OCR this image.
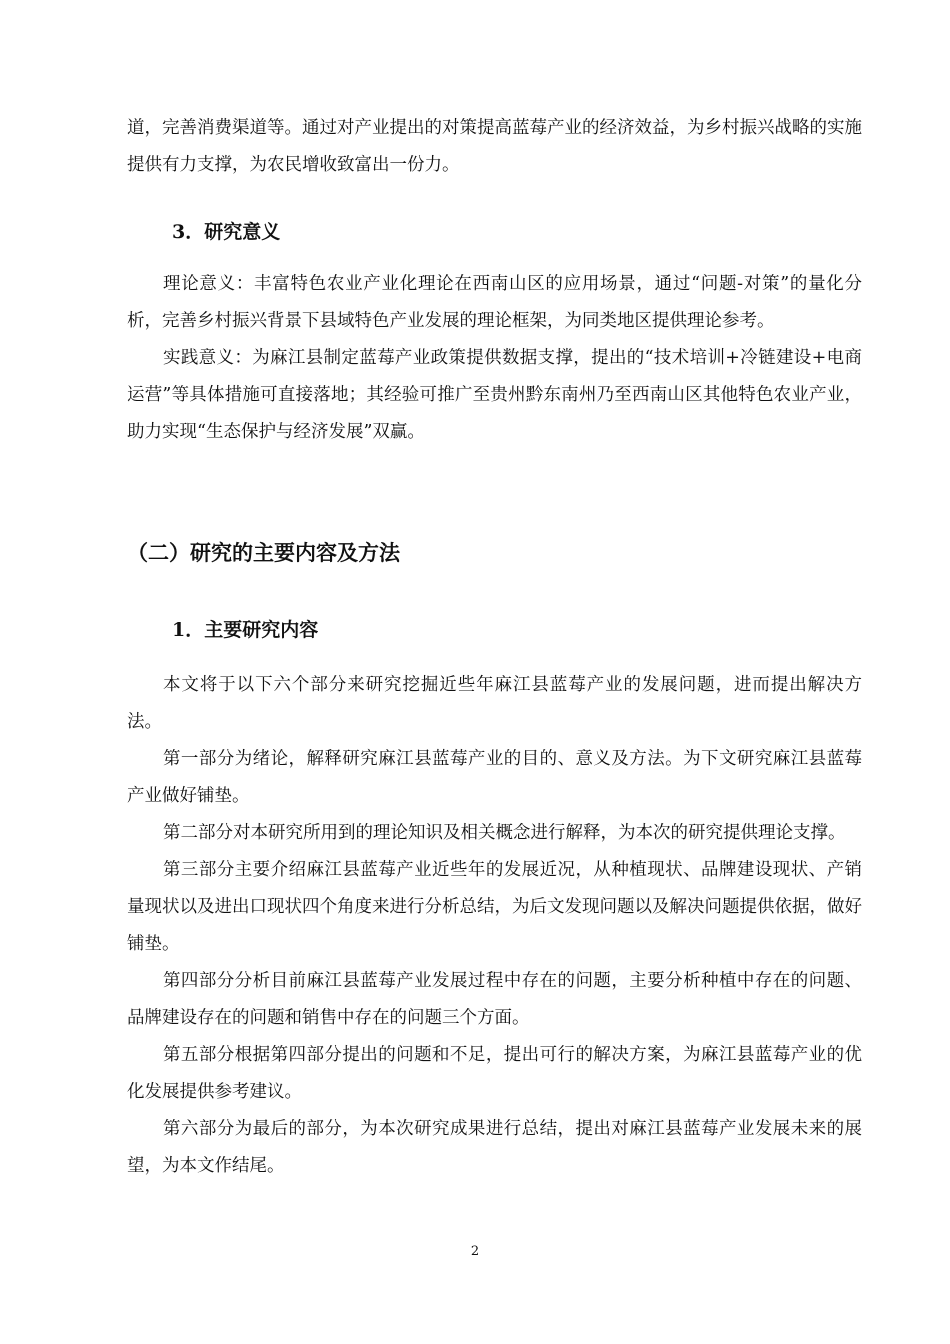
道，完善消费渠道等。通过对产业提出的对策提高蓝莓产业的经济效益，为乡村振兴战略的实施提供有力支撑，为农民增收致富出一份力。

3．研究意义

理论意义：丰富特色农业产业化理论在西南山区的应用场景，通过“问题-对策”的量化分析，完善乡村振兴背景下县域特色产业发展的理论框架，为同类地区提供理论参考。

实践意义：为麻江县制定蓝莓产业政策提供数据支撑，提出的“技术培训+冷链建设+电商运营”等具体措施可直接落地；其经验可推广至贵州黔东南州乃至西南山区其他特色农业产业，助力实现“生态保护与经济发展”双赢。

（二）研究的主要内容及方法
1．主要研究内容

本文将于以下六个部分来研究挖掘近些年麻江县蓝莓产业的发展问题，进而提出解决方法。

第一部分为绪论，解释研究麻江县蓝莓产业的目的、意义及方法。为下文研究麻江县蓝莓产业做好铺垫。

第二部分对本研究所用到的理论知识及相关概念进行解释，为本次的研究提供理论支撑。

第三部分主要介绍麻江县蓝莓产业近些年的发展近况，从种植现状、品牌建设现状、产销量现状以及进出口现状四个角度来进行分析总结，为后文发现问题以及解决问题提供依据，做好铺垫。

第四部分分析目前麻江县蓝莓产业发展过程中存在的问题，主要分析种植中存在的问题、品牌建设存在的问题和销售中存在的问题三个方面。

第五部分根据第四部分提出的问题和不足，提出可行的解决方案，为麻江县蓝莓产业的优化发展提供参考建议。

第六部分为最后的部分，为本次研究成果进行总结，提出对麻江县蓝莓产业发展未来的展望，为本文作结尾。

2
